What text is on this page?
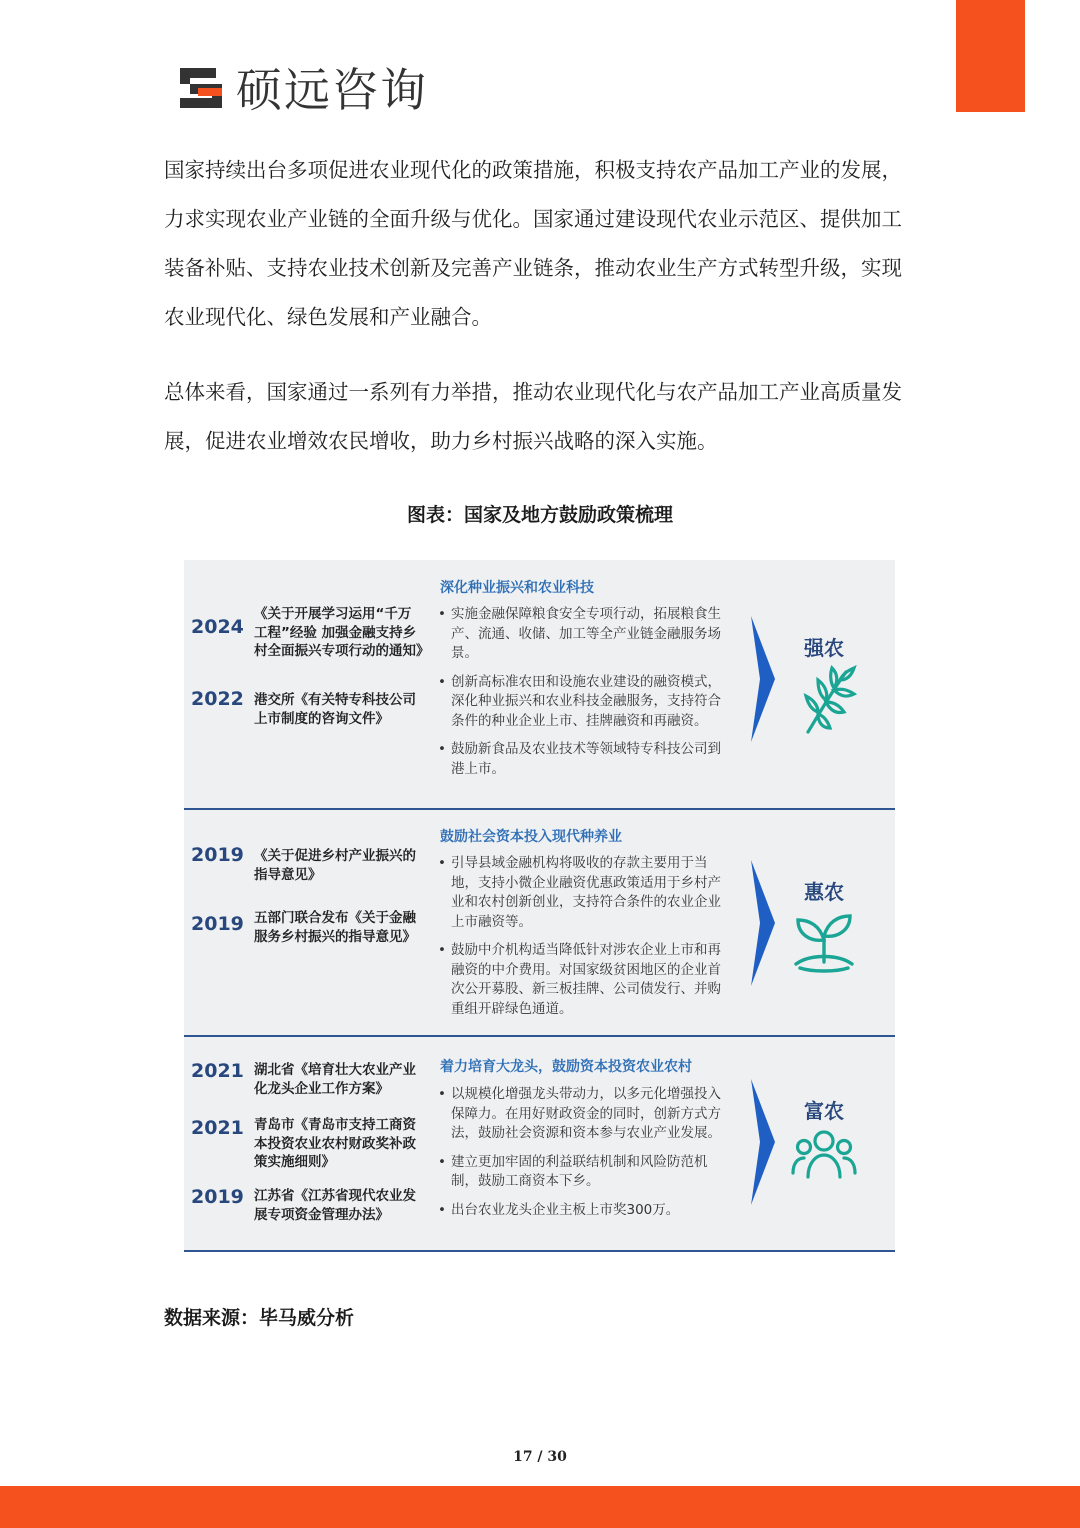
硕远咨询

国家持续出台多项促进农业现代化的政策措施，积极支持农产品加工产业的发展，力求实现农业产业链的全面升级与优化。国家通过建设现代农业示范区、提供加工装备补贴、支持农业技术创新及完善产业链条，推动农业生产方式转型升级，实现农业现代化、绿色发展和产业融合。

总体来看，国家通过一系列有力举措，推动农业现代化与农产品加工产业高质量发展，促进农业增效农民增收，助力乡村振兴战略的深入实施。

图表：国家及地方鼓励政策梳理
深化种业振兴和农业科技
2024
《关于开展学习运用“千万工程”经验 加强金融支持乡村全面振兴专项行动的通知》
2022 港交所《有关特专科技公司上市制度的咨询文件》
• 实施金融保障粮食安全专项行动，拓展粮食生产、流通、收储、加工等全产业链金融服务场景。
• 创新高标准农田和设施农业建设的融资模式，深化种业振兴和农业科技金融服务，支持符合条件的种业企业上市、挂牌融资和再融资。
• 鼓励新食品及农业技术等领域特专科技公司到港上市。
强农
鼓励社会资本投入现代种养业
2019 《关于促进乡村产业振兴的指导意见》
2019 五部门联合发布《关于金融服务乡村振兴的指导意见》
• 引导县域金融机构将吸收的存款主要用于当地，支持小微企业融资优惠政策适用于乡村产业和农村创新创业，支持符合条件的农业企业上市融资等。
• 鼓励中介机构适当降低针对涉农企业上市和再融资的中介费用。对国家级贫困地区的企业首次公开募股、新三板挂牌、公司债发行、并购重组开辟绿色通道。
惠农
着力培育大龙头，鼓励资本投资农业农村
2021 湖北省《培育壮大农业产业化龙头企业工作方案》
2021 青岛市《青岛市支持工商资本投资农业农村财政奖补政策实施细则》
2019 江苏省《江苏省现代农业发展专项资金管理办法》
• 以规模化增强龙头带动力，以多元化增强投入保障力。在用好财政资金的同时，创新方式方法，鼓励社会资源和资本参与农业产业发展。
• 建立更加牢固的利益联结机制和风险防范机制，鼓励工商资本下乡。
• 出台农业龙头企业主板上市奖300万。
富农
数据来源：毕马威分析
17 / 30
